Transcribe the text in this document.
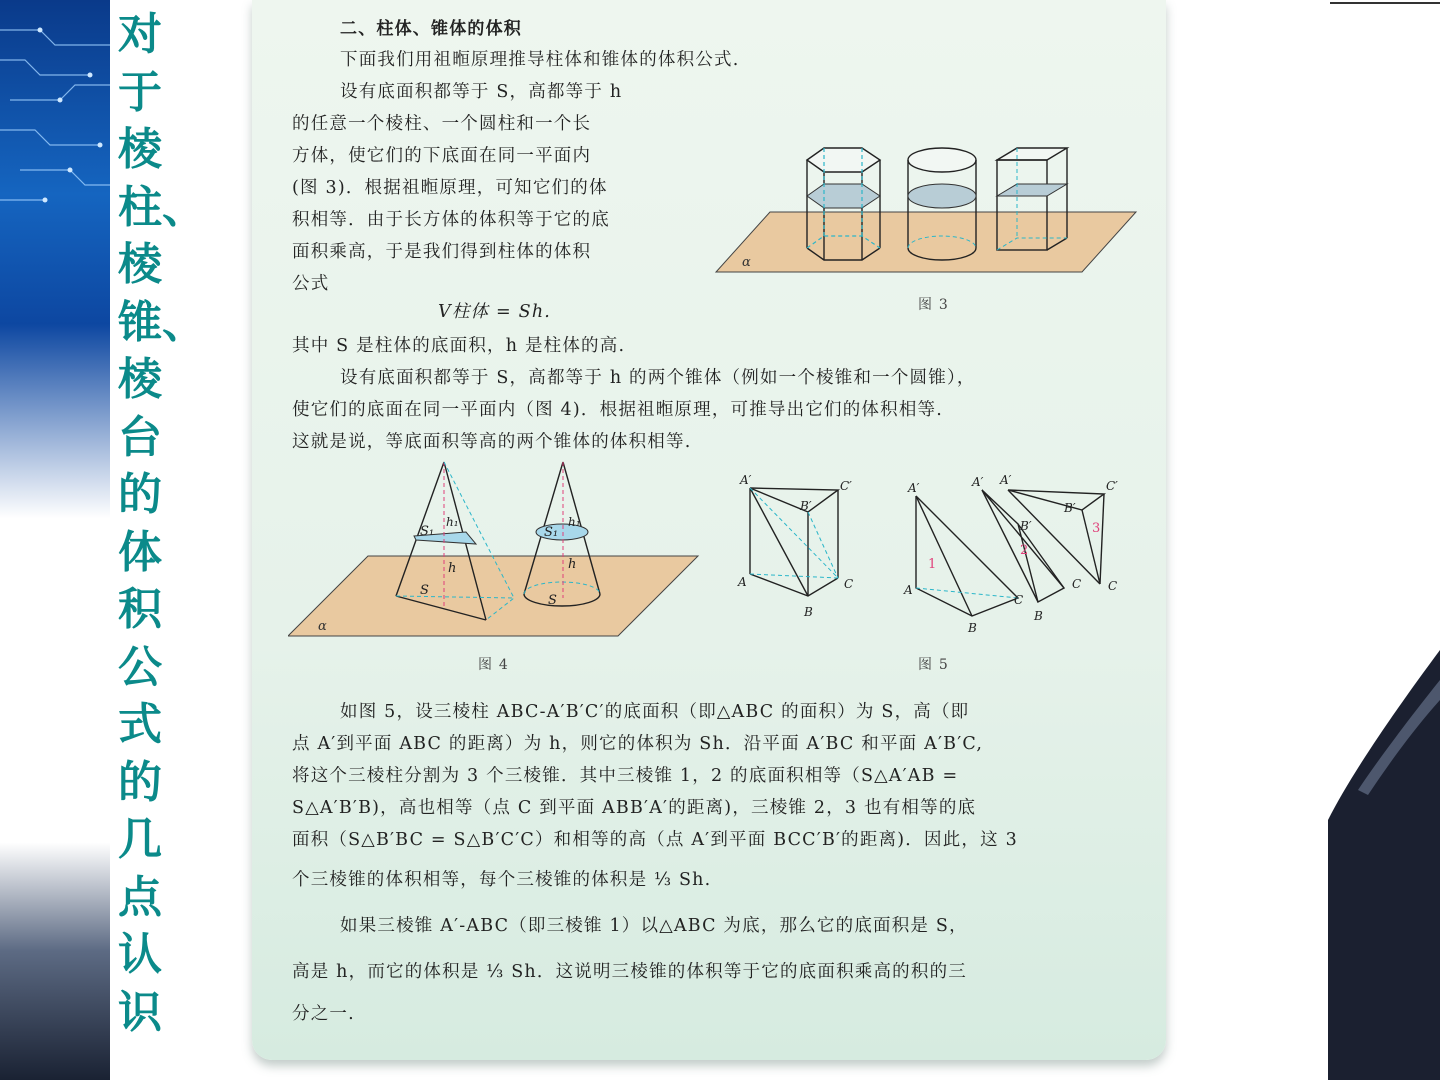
对
于
棱
柱、
棱
锥、
棱
台
的
体
积
公
式
的
几
点
认
识
二、柱体、锥体的体积
下面我们用祖暅原理推导柱体和锥体的体积公式.
设有底面积都等于 S，高都等于 h
的任意一个棱柱、一个圆柱和一个长
方体，使它们的下底面在同一平面内
(图 3)．根据祖暅原理，可知它们的体
积相等．由于长方体的体积等于它的底
面积乘高，于是我们得到柱体的体积
公式
V柱体 = Sh.
其中 S 是柱体的底面积，h 是柱体的高.
α
图 3
设有底面积都等于 S，高都等于 h 的两个锥体（例如一个棱锥和一个圆锥），
使它们的底面在同一平面内（图 4)．根据祖暅原理，可推导出它们的体积相等.
这就是说，等底面积等高的两个锥体的体积相等.
S₁
h₁
h
S
S₁
h₁
h
S
α
图 4
A′	C′
B′
A
B
C
1
A′
A
B
C
2
A′
B′
B
C
3
A′
B′
C′
C
图 5
如图 5，设三棱柱 ABC-A′B′C′的底面积（即△ABC 的面积）为 S，高（即
点 A′到平面 ABC 的距离）为 h，则它的体积为 Sh．沿平面 A′BC 和平面 A′B′C,
将这个三棱柱分割为 3 个三棱锥．其中三棱锥 1，2 的底面积相等（S△A′AB =
S△A′B′B)，高也相等（点 C 到平面 ABB′A′的距离)，三棱锥 2，3 也有相等的底
面积（S△B′BC = S△B′C′C）和相等的高（点 A′到平面 BCC′B′的距离)．因此，这 3
个三棱锥的体积相等，每个三棱锥的体积是 ⅓ Sh.
如果三棱锥 A′-ABC（即三棱锥 1）以△ABC 为底，那么它的底面积是 S，
高是 h，而它的体积是 ⅓ Sh．这说明三棱锥的体积等于它的底面积乘高的积的三
分之一.
